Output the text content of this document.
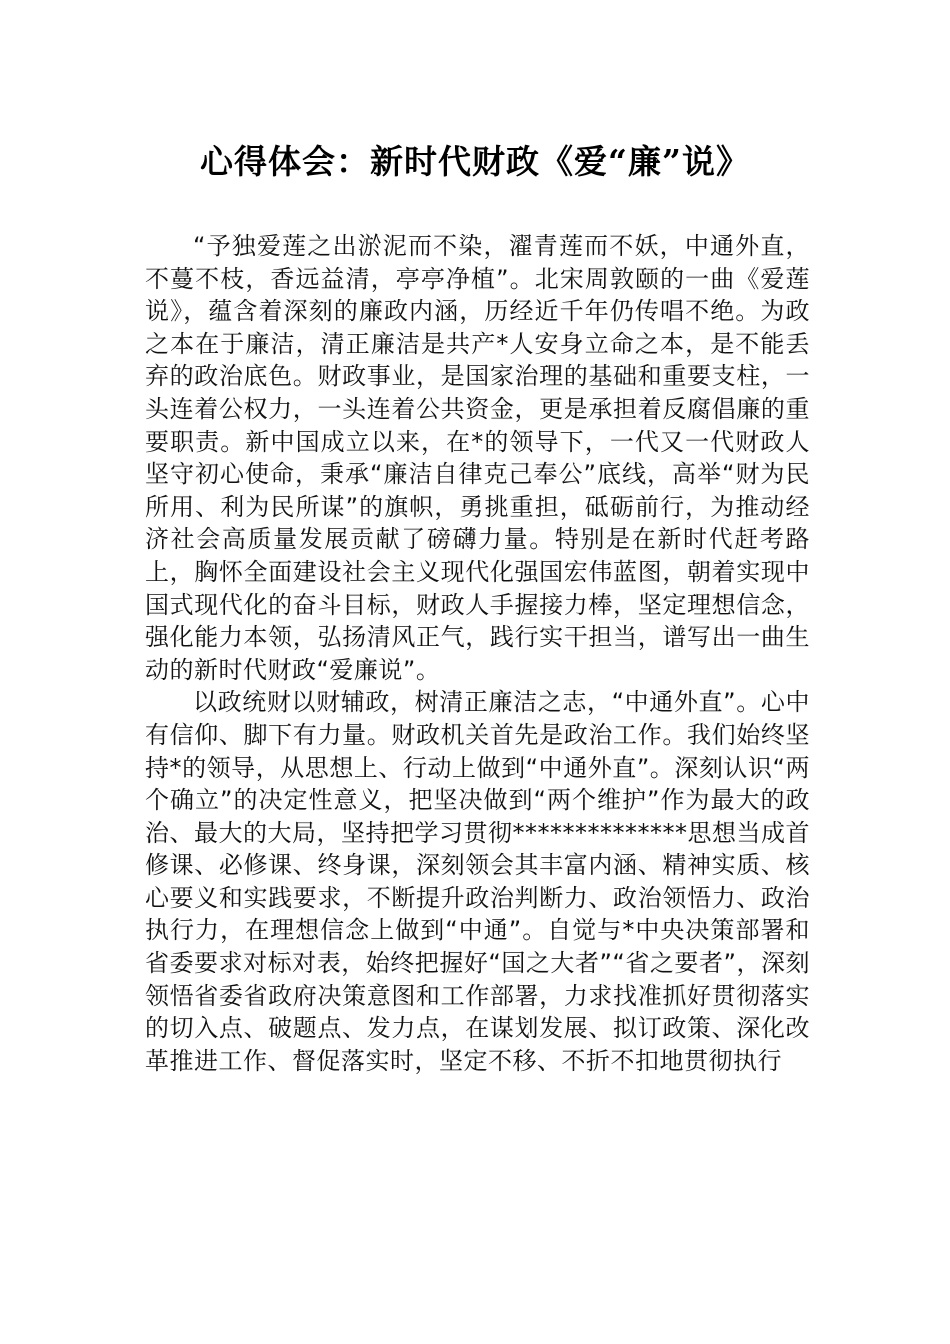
心得体会：新时代财政《爱“廉”说》

“予独爱莲之出淤泥而不染，濯青莲而不妖，中通外直，不蔓不枝，香远益清，亭亭净植”。北宋周敦颐的一曲《爱莲说》，蕴含着深刻的廉政内涵，历经近千年仍传唱不绝。为政之本在于廉洁，清正廉洁是共产*人安身立命之本，是不能丢弃的政治底色。财政事业，是国家治理的基础和重要支柱，一头连着公权力，一头连着公共资金，更是承担着反腐倡廉的重要职责。新中国成立以来，在*的领导下，一代又一代财政人坚守初心使命，秉承“廉洁自律克己奉公”底线，高举“财为民所用、利为民所谋”的旗帜，勇挑重担，砥砺前行，为推动经济社会高质量发展贡献了磅礴力量。特别是在新时代赶考路上，胸怀全面建设社会主义现代化强国宏伟蓝图，朝着实现中国式现代化的奋斗目标，财政人手握接力棒，坚定理想信念，强化能力本领，弘扬清风正气，践行实干担当，谱写出一曲生动的新时代财政“爱廉说”。

以政统财以财辅政，树清正廉洁之志，“中通外直”。心中有信仰、脚下有力量。财政机关首先是政治工作。我们始终坚持*的领导，从思想上、行动上做到“中通外直”。深刻认识“两个确立”的决定性意义，把坚决做到“两个维护”作为最大的政治、最大的大局，坚持把学习贯彻**************思想当成首修课、必修课、终身课，深刻领会其丰富内涵、精神实质、核心要义和实践要求，不断提升政治判断力、政治领悟力、政治执行力，在理想信念上做到“中通”。自觉与*中央决策部署和省委要求对标对表，始终把握好“国之大者”“省之要者”，深刻领悟省委省政府决策意图和工作部署，力求找准抓好贯彻落实的切入点、破题点、发力点，在谋划发展、拟订政策、深化改革推进工作、督促落实时，坚定不移、不折不扣地贯彻执行
